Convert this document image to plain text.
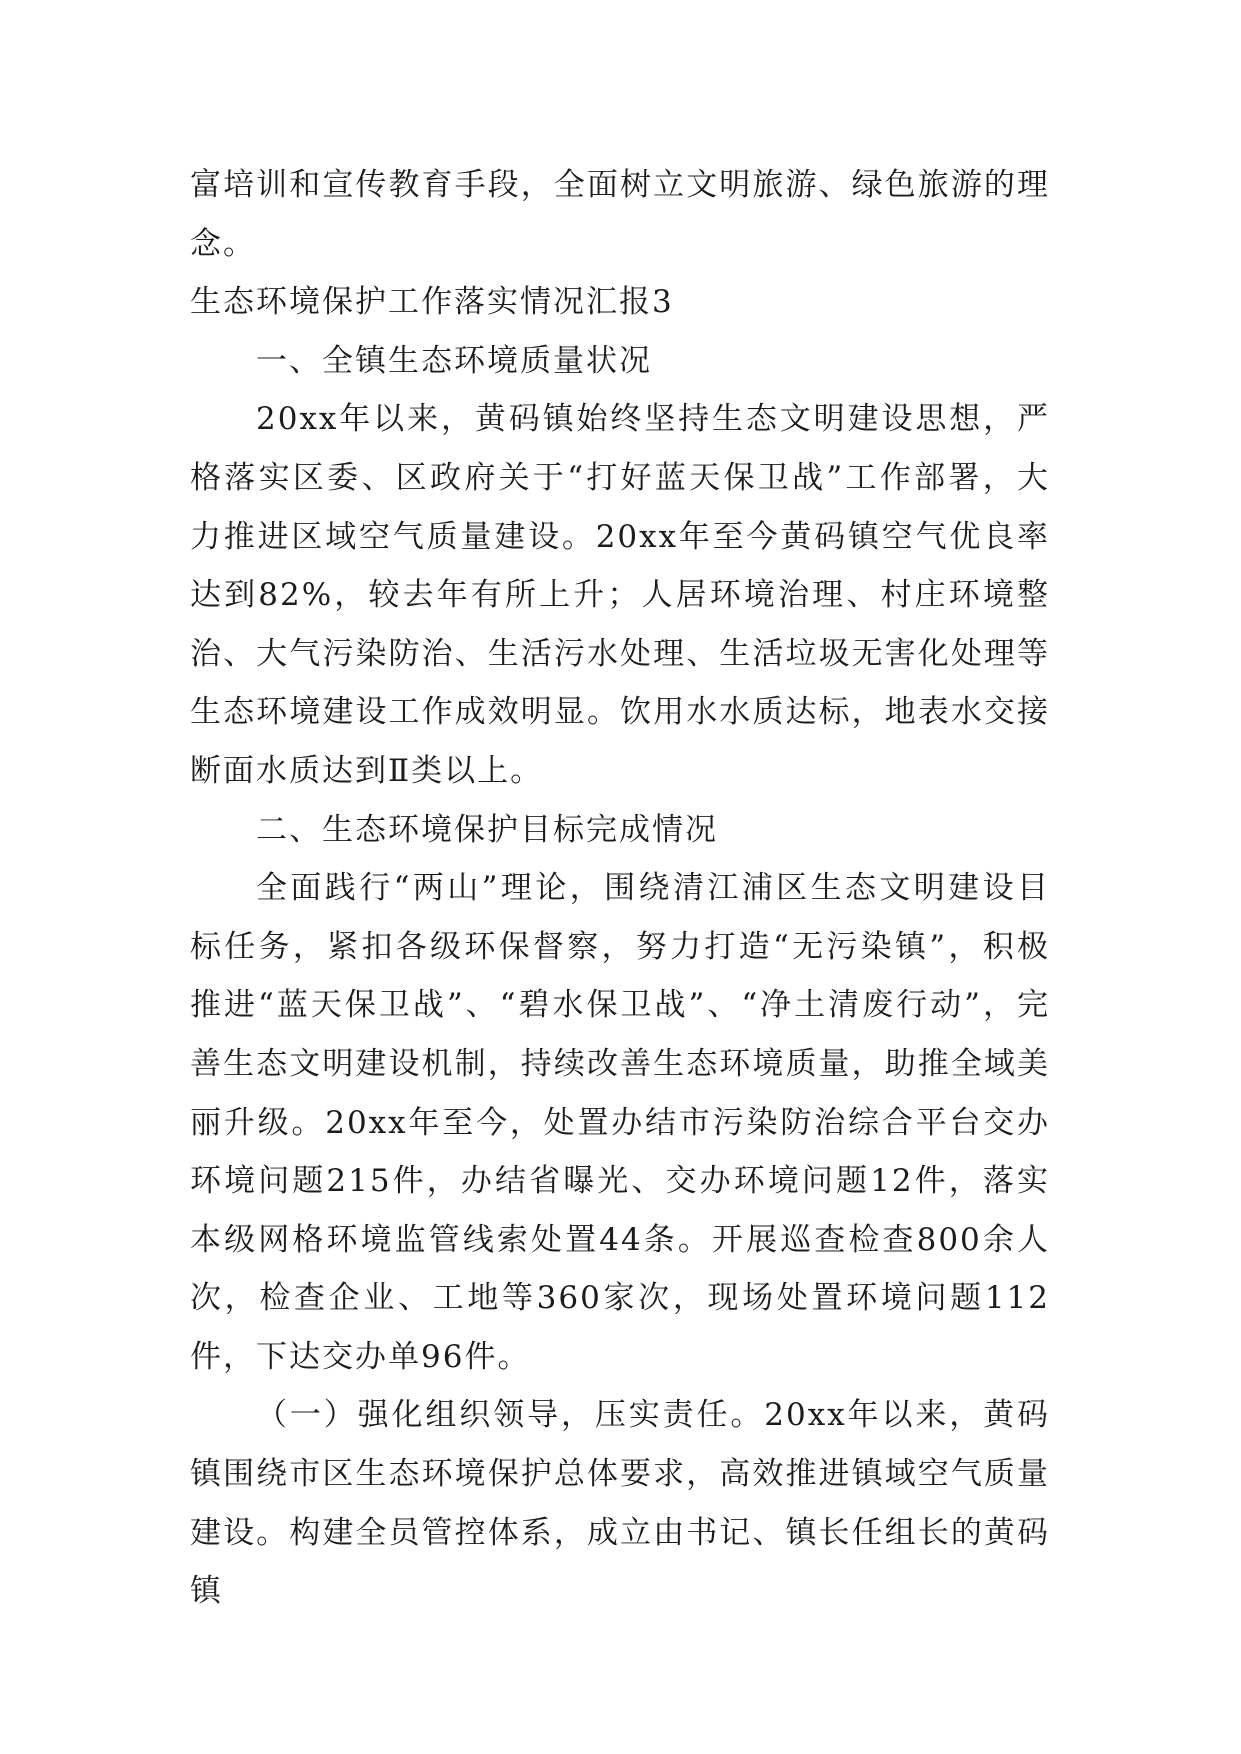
富培训和宣传教育手段，全面树立文明旅游、绿色旅游的理念。

生态环境保护工作落实情况汇报3

一、全镇生态环境质量状况

20xx年以来，黄码镇始终坚持生态文明建设思想，严格落实区委、区政府关于“打好蓝天保卫战”工作部署，大力推进区域空气质量建设。20xx年至今黄码镇空气优良率达到82%，较去年有所上升；人居环境治理、村庄环境整治、大气污染防治、生活污水处理、生活垃圾无害化处理等生态环境建设工作成效明显。饮用水水质达标，地表水交接断面水质达到Ⅱ类以上。

二、生态环境保护目标完成情况

全面践行“两山”理论，围绕清江浦区生态文明建设目标任务，紧扣各级环保督察，努力打造“无污染镇”，积极推进“蓝天保卫战”、“碧水保卫战”、“净土清废行动”，完善生态文明建设机制，持续改善生态环境质量，助推全域美丽升级。20xx年至今，处置办结市污染防治综合平台交办环境问题215件，办结省曝光、交办环境问题12件，落实本级网格环境监管线索处置44条。开展巡查检查800余人次，检查企业、工地等360家次，现场处置环境问题112件，下达交办单96件。

（一）强化组织领导，压实责任。20xx年以来，黄码镇围绕市区生态环境保护总体要求，高效推进镇域空气质量建设。构建全员管控体系，成立由书记、镇长任组长的黄码镇
